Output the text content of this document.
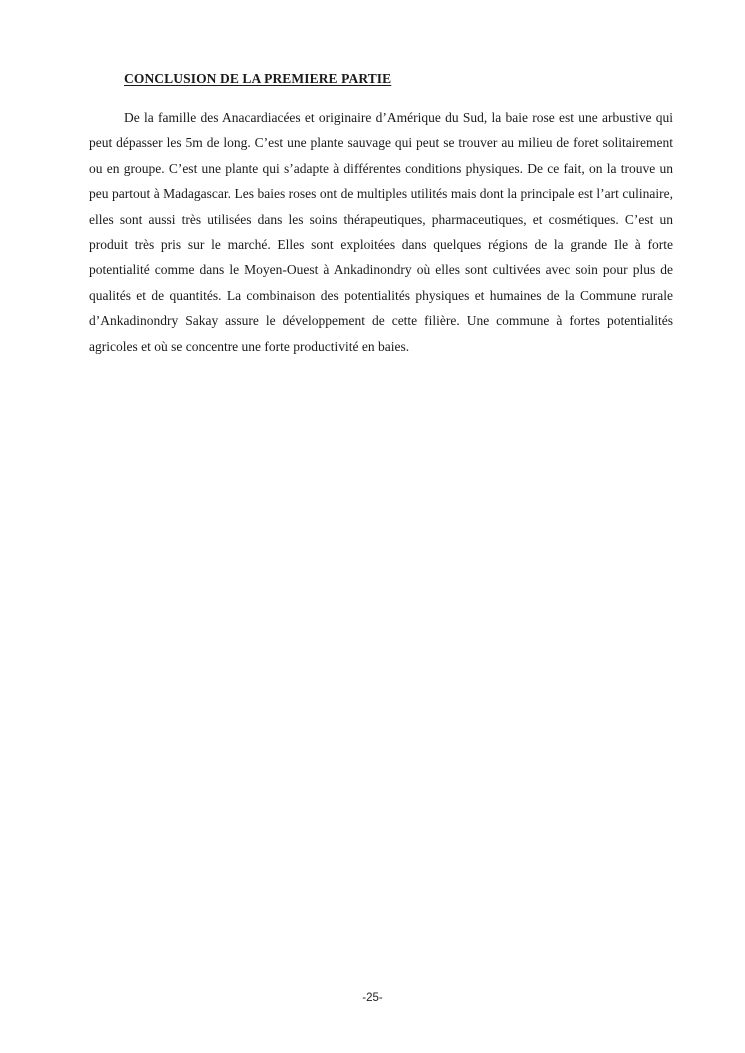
CONCLUSION DE LA PREMIERE PARTIE

De la famille des Anacardiacées et originaire d’Amérique du Sud, la baie rose est une arbustive qui peut dépasser les 5m de long. C’est une plante sauvage qui peut se trouver au milieu de foret solitairement ou en groupe. C’est une plante qui s’adapte à différentes conditions physiques. De ce fait, on la trouve un peu partout à Madagascar. Les baies roses ont de multiples utilités mais dont la principale est l’art culinaire, elles sont aussi très utilisées dans les soins thérapeutiques, pharmaceutiques, et cosmétiques. C’est un produit très pris sur le marché. Elles sont exploitées dans quelques régions de la grande Ile à forte potentialité comme dans le Moyen-Ouest à Ankadinondry où elles sont cultivées avec soin pour plus de qualités et de quantités. La combinaison des potentialités physiques et humaines de la Commune rurale d’Ankadinondry Sakay assure le développement de cette filière. Une commune à fortes potentialités agricoles et où se concentre une forte productivité en baies.

-25-
